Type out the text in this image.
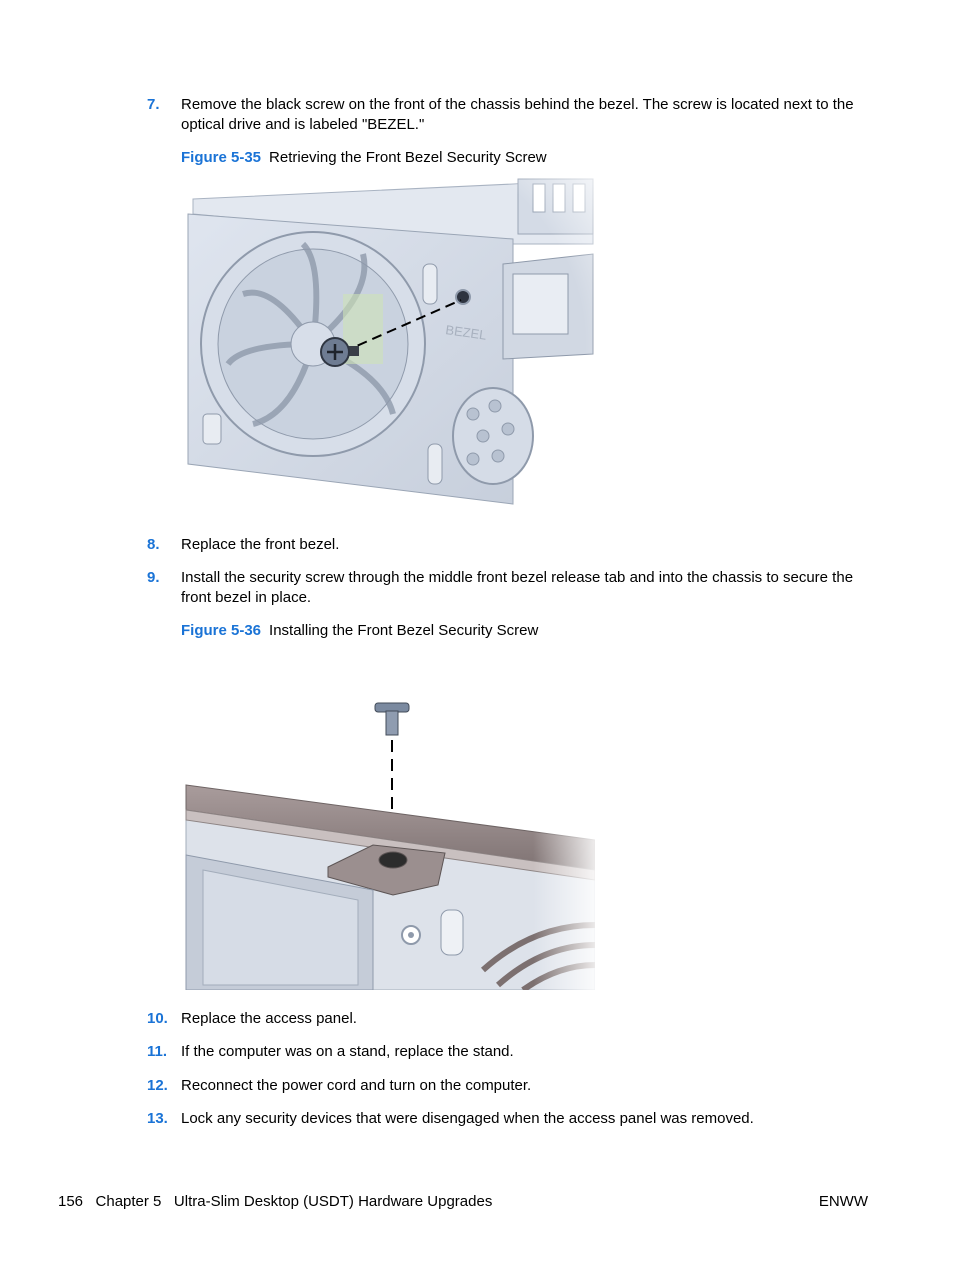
7. Remove the black screw on the front of the chassis behind the bezel. The screw is located next to the optical drive and is labeled "BEZEL."
Figure 5-35 Retrieving the Front Bezel Security Screw
8. Replace the front bezel.
9. Install the security screw through the middle front bezel release tab and into the chassis to secure the front bezel in place.
Figure 5-36 Installing the Front Bezel Security Screw
10. Replace the access panel.
11. If the computer was on a stand, replace the stand.
12. Reconnect the power cord and turn on the computer.
13. Lock any security devices that were disengaged when the access panel was removed.
156   Chapter 5   Ultra-Slim Desktop (USDT) Hardware Upgrades	ENWW
